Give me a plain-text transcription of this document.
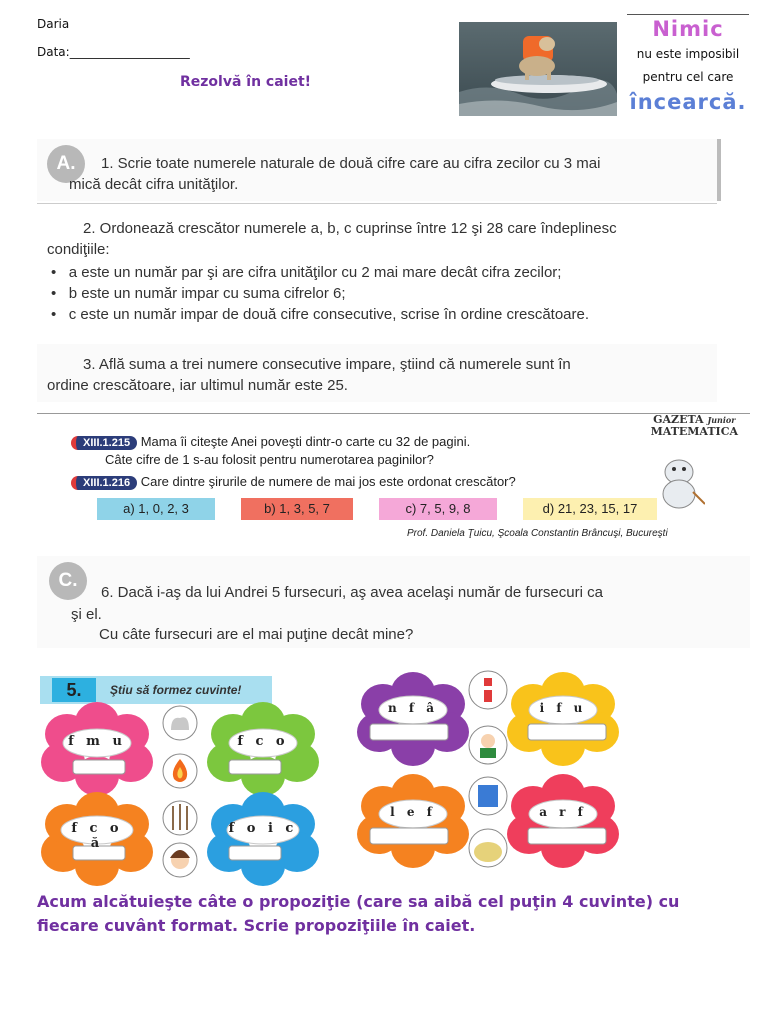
Daria
Data:____________________
Rezolvă în caiet!
Nimic
nu este imposibil
pentru cel care
încearcă.
A.	1. Scrie toate numerele naturale de două cifre care au cifra zecilor cu 3 mai
mică decât cifra unităţilor.
2. Ordonează crescător numerele a, b, c cuprinse între 12 şi 28 care îndeplinesc
condiţiile:
•   a este un număr par şi are cifra unităţilor cu 2 mai mare decât cifra zecilor;
•   b este un număr impar cu suma cifrelor 6;
•   c este un număr impar de două cifre consecutive, scrise în ordine crescătoare.
3. Află suma a trei numere consecutive impare, ştiind că numerele sunt în
ordine crescătoare, iar ultimul număr este 25.
GAZETA Junior
MATEMATICA
XIII.1.215 Mama îi citeşte Anei poveşti dintr-o carte cu 32 de pagini.
Câte cifre de 1 s-au folosit pentru numerotarea paginilor?
XIII.1.216 Care dintre şirurile de numere de mai jos este ordonat crescător?
a) 1, 0, 2, 3	b) 1, 3, 5, 7	c) 7, 5, 9, 8	d) 21, 23, 15, 17
Prof. Daniela Ţuicu, Şcoala Constantin Brâncuşi, Bucureşti
C.
6. Dacă i-aş da lui Andrei 5 fursecuri, aş avea acelaşi număr de fursecuri ca
şi el.
Cu câte fursecuri are el mai puţine decât mine?
5.	Ştiu să formez cuvinte!
f m u	f c o
f c o ă
f o i c
n f â	i f u
l e f	a r f
Acum alcătuieşte câte o propoziţie (care sa aibă cel puţin 4 cuvinte) cu fiecare cuvânt format. Scrie propoziţiile în caiet.
